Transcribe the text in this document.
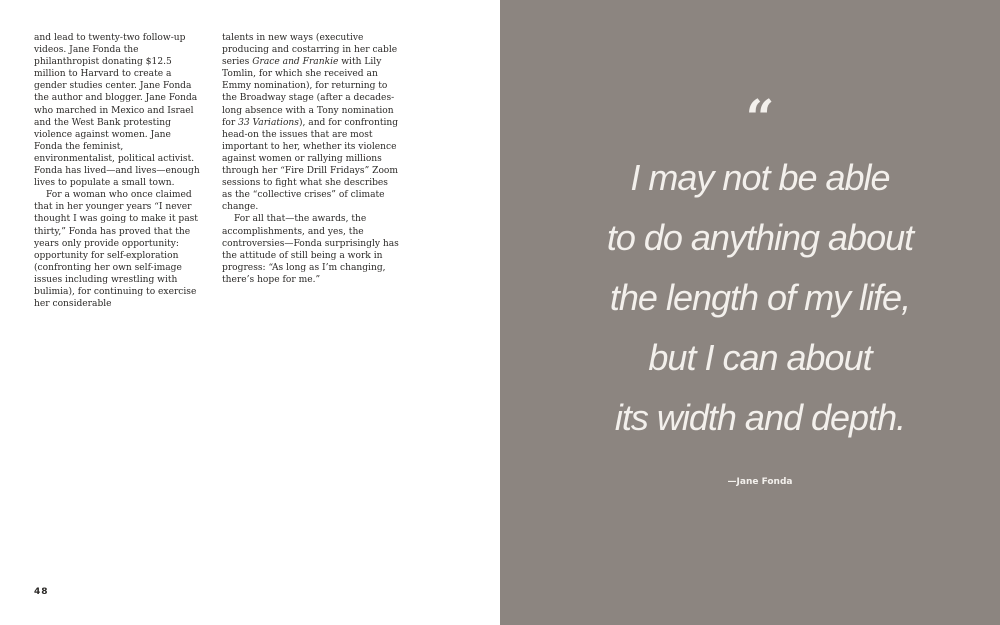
and lead to twenty-two follow-up videos. Jane Fonda the philanthropist donating $12.5 million to Harvard to create a gender studies center. Jane Fonda the author and blogger. Jane Fonda who marched in Mexico and Israel and the West Bank protesting violence against women. Jane Fonda the feminist, environmentalist, political activist. Fonda has lived—and lives—enough lives to populate a small town.

For a woman who once claimed that in her younger years “I never thought I was going to make it past thirty,” Fonda has proved that the years only provide opportunity: opportunity for self-exploration (confronting her own self-image issues including wrestling with bulimia), for continuing to exercise her considerable

talents in new ways (executive producing and costarring in her cable series Grace and Frankie with Lily Tomlin, for which she received an Emmy nomination), for returning to the Broadway stage (after a decades-long absence with a Tony nomination for 33 Variations), and for confronting head-on the issues that are most important to her, whether its violence against women or rallying millions through her “Fire Drill Fridays” Zoom sessions to fight what she describes as the “collective crises” of climate change.

For all that—the awards, the accomplishments, and yes, the controversies—Fonda surprisingly has the attitude of still being a work in progress: “As long as I’m changing, there’s hope for me.”

48
“
I may not be able
to do anything about
the length of my life,
but I can about
its width and depth.
—Jane Fonda
